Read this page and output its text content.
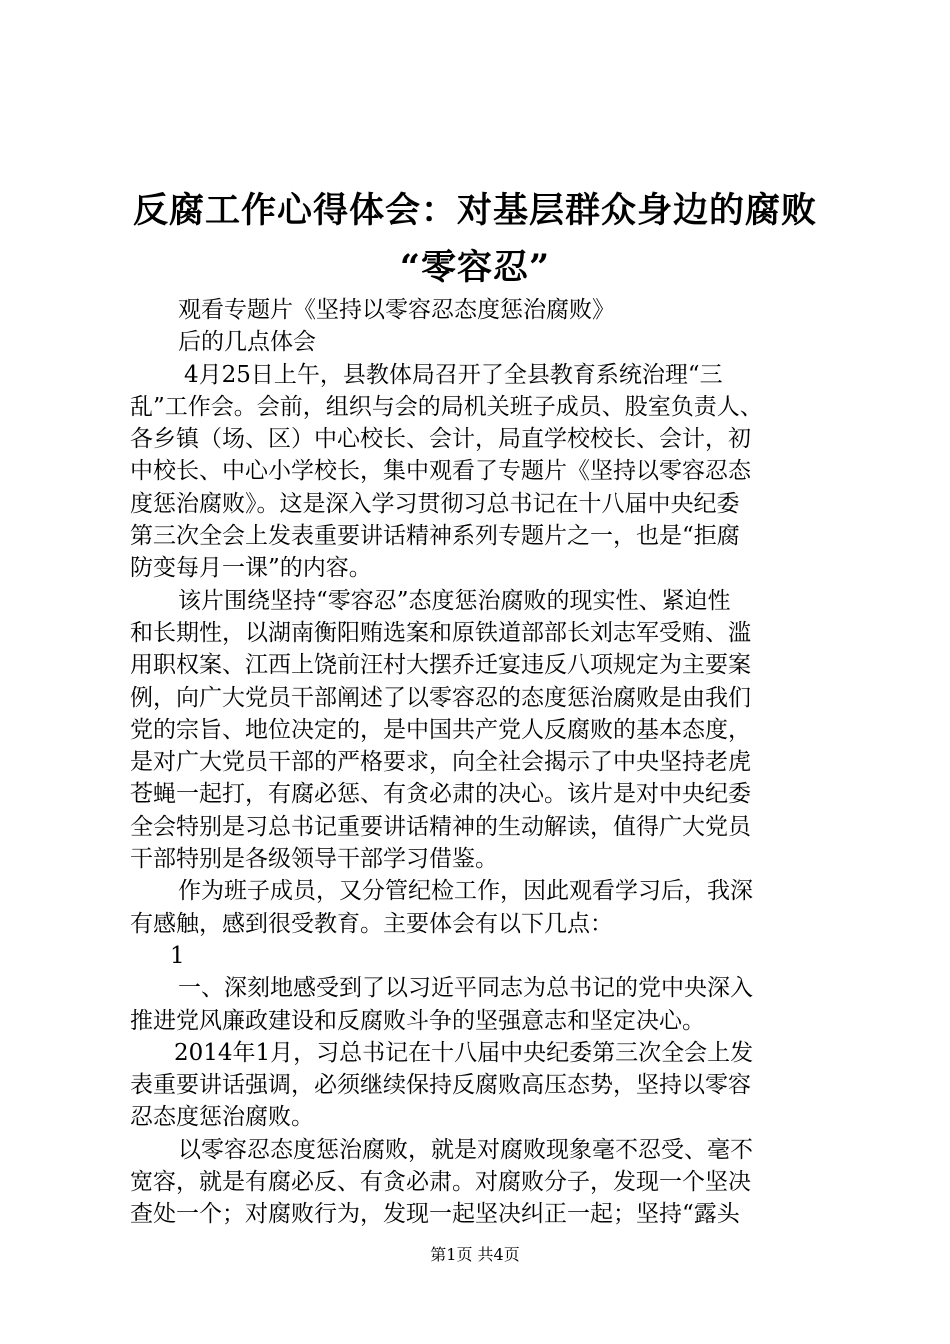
反腐工作心得体会：对基层群众身边的腐败
“零容忍”
观看专题片《坚持以零容忍态度惩治腐败》
后的几点体会
4月25日上午，县教体局召开了全县教育系统治理“三
乱”工作会。会前，组织与会的局机关班子成员、股室负责人、
各乡镇（场、区）中心校长、会计，局直学校校长、会计，初
中校长、中心小学校长，集中观看了专题片《坚持以零容忍态
度惩治腐败》。这是深入学习贯彻习总书记在十八届中央纪委
第三次全会上发表重要讲话精神系列专题片之一，也是“拒腐
防变每月一课”的内容。
该片围绕坚持“零容忍”态度惩治腐败的现实性、紧迫性
和长期性，以湖南衡阳贿选案和原铁道部部长刘志军受贿、滥
用职权案、江西上饶前汪村大摆乔迁宴违反八项规定为主要案
例，向广大党员干部阐述了以零容忍的态度惩治腐败是由我们
党的宗旨、地位决定的，是中国共产党人反腐败的基本态度，
是对广大党员干部的严格要求，向全社会揭示了中央坚持老虎
苍蝇一起打，有腐必惩、有贪必肃的决心。该片是对中央纪委
全会特别是习总书记重要讲话精神的生动解读，值得广大党员
干部特别是各级领导干部学习借鉴。
作为班子成员，又分管纪检工作，因此观看学习后，我深
有感触，感到很受教育。主要体会有以下几点：
1
一、深刻地感受到了以习近平同志为总书记的党中央深入
推进党风廉政建设和反腐败斗争的坚强意志和坚定决心。
2014年1月，习总书记在十八届中央纪委第三次全会上发
表重要讲话强调，必须继续保持反腐败高压态势，坚持以零容
忍态度惩治腐败。
以零容忍态度惩治腐败，就是对腐败现象毫不忍受、毫不
宽容，就是有腐必反、有贪必肃。对腐败分子，发现一个坚决
查处一个；对腐败行为，发现一起坚决纠正一起；坚持“露头
第1页 共4页
